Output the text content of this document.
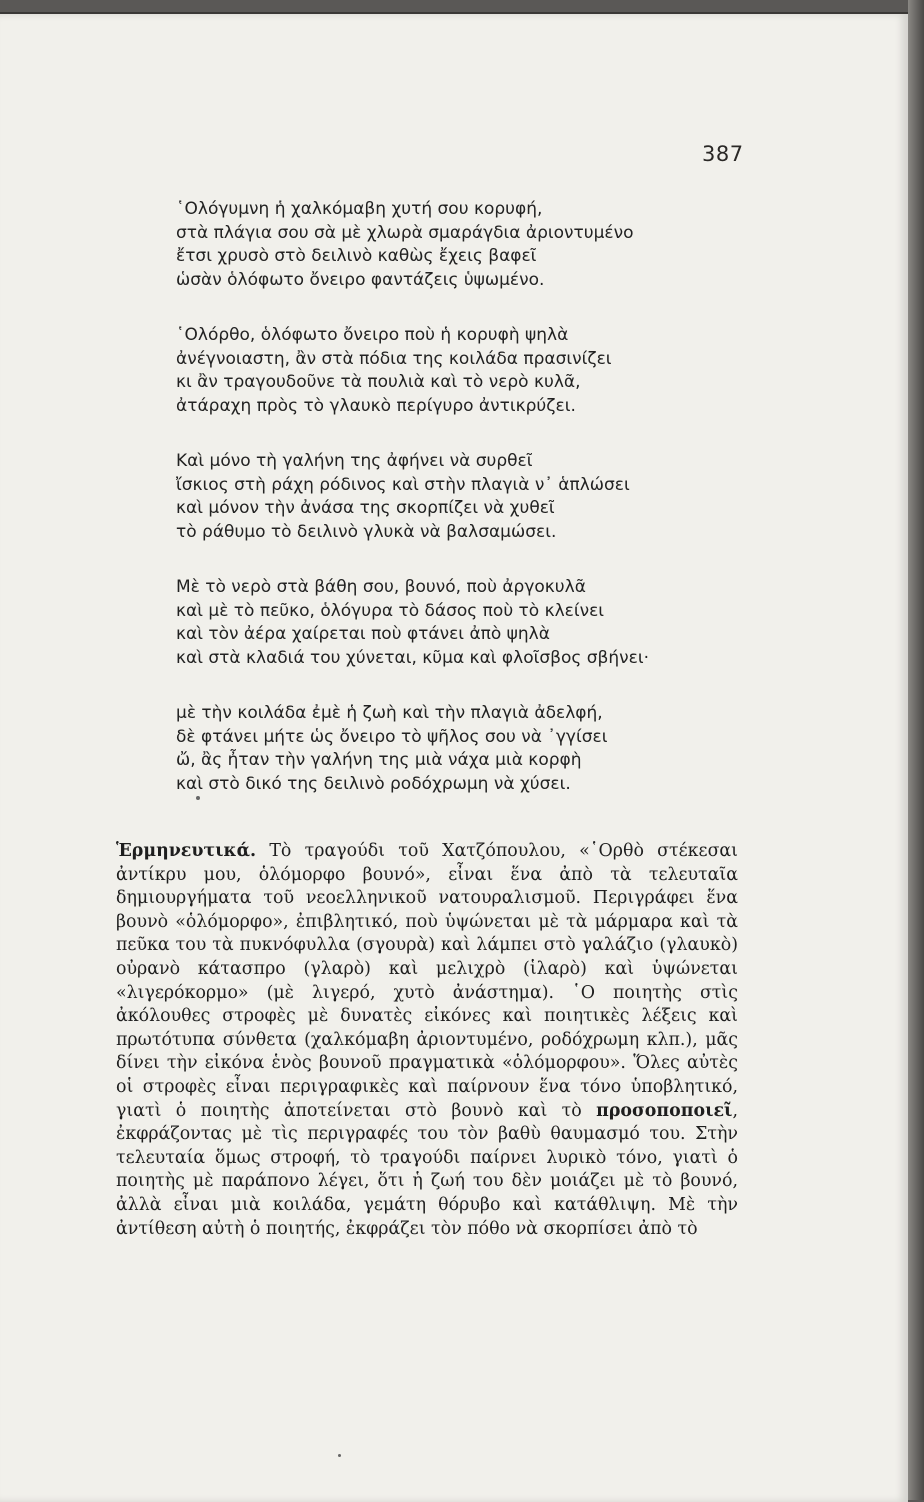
387
῾Ολόγυμνη ἡ χαλκόμαβη χυτή σου κορυφή,
στὰ πλάγια σου σὰ μὲ χλωρὰ σμαράγδια ἀριοντυμένο
ἔτσι χρυσὸ στὸ δειλινὸ καθὼς ἔχεις βαφεῖ
ὡσὰν ὁλόφωτο ὄνειρο φαντάζεις ὑψωμένο.
῾Ολόρθο, ὁλόφωτο ὄνειρο ποὺ ἡ κορυφὴ ψηλὰ
ἀνέγνοιαστη, ἂν στὰ πόδια της κοιλάδα πρασινίζει
κι ἂν τραγουδοῦνε τὰ πουλιὰ καὶ τὸ νερὸ κυλᾶ,
ἀτάραχη πρὸς τὸ γλαυκὸ περίγυρο ἀντικρύζει.
Καὶ μόνο τὴ γαλήνη της ἀφήνει νὰ συρθεῖ
ἴσκιος στὴ ράχη ρόδινος καὶ στὴν πλαγιὰ ν᾿ ἁπλώσει
καὶ μόνον τὴν ἀνάσα της σκορπίζει νὰ χυθεῖ
τὸ ράθυμο τὸ δειλινὸ γλυκὰ νὰ βαλσαμώσει.
Μὲ τὸ νερὸ στὰ βάθη σου, βουνό, ποὺ ἀργοκυλᾶ
καὶ μὲ τὸ πεῦκο, ὁλόγυρα τὸ δάσος ποὺ τὸ κλείνει
καὶ τὸν ἀέρα χαίρεται ποὺ φτάνει ἀπὸ ψηλὰ
καὶ στὰ κλαδιά του χύνεται, κῦμα καὶ φλοῖσβος σβήνει·
μὲ τὴν κοιλάδα ἐμὲ ἡ ζωὴ καὶ τὴν πλαγιὰ ἀδελφή,
δὲ φτάνει μήτε ὡς ὄνειρο τὸ ψῆλος σου νὰ ᾿γγίσει
ὤ, ἂς ἦταν τὴν γαλήνη της μιὰ νάχα μιὰ κορφὴ
καὶ στὸ δικό της δειλινὸ ροδόχρωμη νὰ χύσει.
Ἑρμηνευτικά. Τὸ τραγούδι τοῦ Χατζόπουλου, «῾Ορθὸ στέκεσαι ἀντίκρυ μου, ὁλόμορφο βουνό», εἶναι ἕνα ἀπὸ τὰ τελευταῖα δημιουργήματα τοῦ νεοελληνικοῦ νατουραλισμοῦ. Περιγράφει ἕνα βουνὸ «ὁλόμορφο», ἐπιβλητικό, ποὺ ὑψώνεται μὲ τὰ μάρμαρα καὶ τὰ πεῦκα του τὰ πυκνόφυλλα (σγουρὰ) καὶ λάμπει στὸ γαλάζιο (γλαυκὸ) οὐρανὸ κάτασπρο (γλαρὸ) καὶ μελιχρὸ (ἱλαρὸ) καὶ ὑψώνεται «λιγερόκορμο» (μὲ λιγερό, χυτὸ ἀνάστημα). ῾Ο ποιητὴς στὶς ἀκόλουθες στροφὲς μὲ δυνατὲς εἰκόνες καὶ ποιητικὲς λέξεις καὶ πρωτότυπα σύνθετα (χαλκόμαβη ἀριοντυμένο, ροδόχρωμη κλπ.), μᾶς δίνει τὴν εἰκόνα ἑνὸς βουνοῦ πραγματικὰ «ὁλόμορφου». Ὅλες αὐτὲς οἱ στροφὲς εἶναι περιγραφικὲς καὶ παίρνουν ἕνα τόνο ὑποβλητικό, γιατὶ ὁ ποιητὴς ἀποτείνεται στὸ βουνὸ καὶ τὸ προσοποποιεῖ, ἐκφράζοντας μὲ τὶς περιγραφές του τὸν βαθὺ θαυμασμό του. Στὴν τελευταία ὅμως στροφή, τὸ τραγούδι παίρνει λυρικὸ τόνο, γιατὶ ὁ ποιητὴς μὲ παράπονο λέγει, ὅτι ἡ ζωή του δὲν μοιάζει μὲ τὸ βουνό, ἀλλὰ εἶναι μιὰ κοιλάδα, γεμάτη θόρυβο καὶ κατάθλιψη. Μὲ τὴν ἀντίθεση αὐτὴ ὁ ποιητής, ἐκφράζει τὸν πόθο νὰ σκορπίσει ἀπὸ τὸ
